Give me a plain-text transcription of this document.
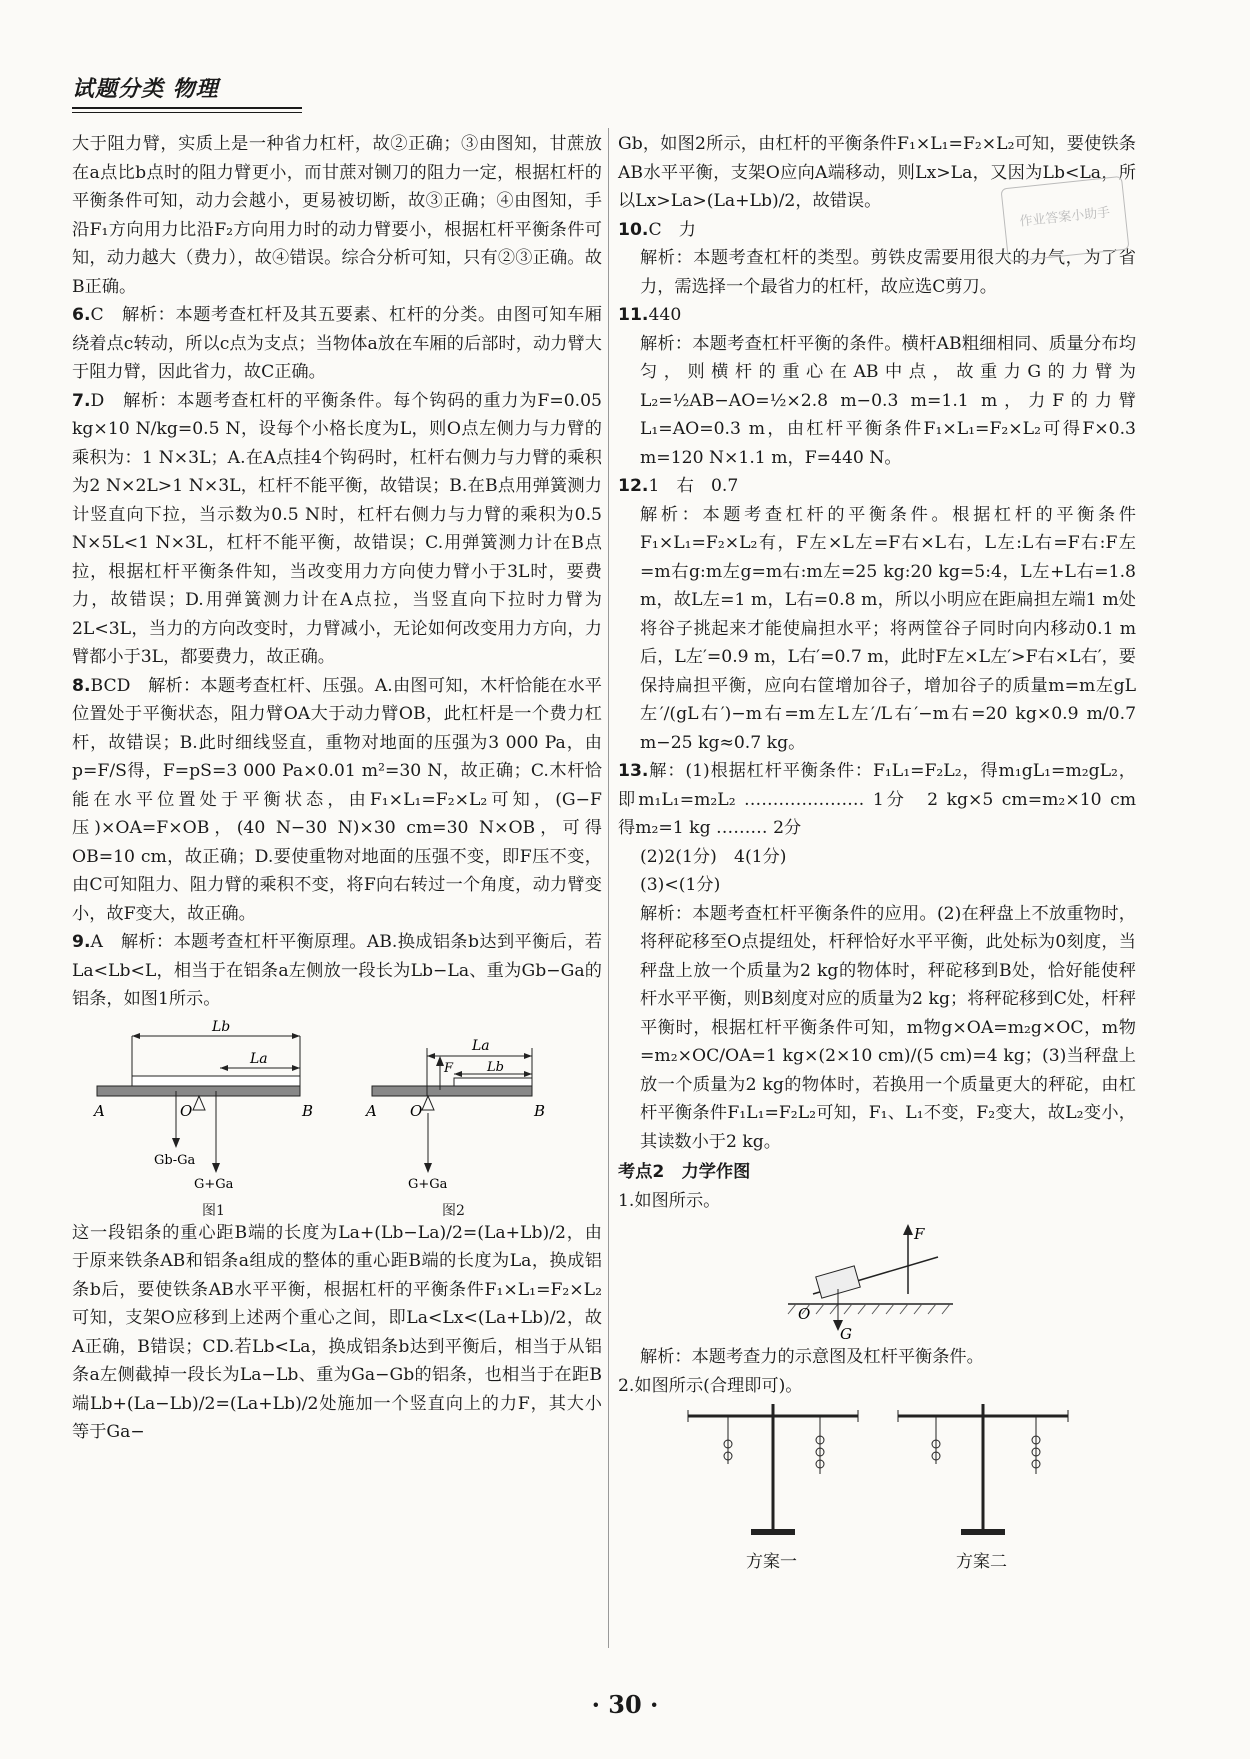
试题分类 物理

大于阻力臂，实质上是一种省力杠杆，故②正确；③由图知，甘蔗放在a点比b点时的阻力臂更小，而甘蔗对铡刀的阻力一定，根据杠杆的平衡条件可知，动力会越小，更易被切断，故③正确；④由图知，手沿F₁方向用力比沿F₂方向用力时的动力臂要小，根据杠杆平衡条件可知，动力越大（费力），故④错误。综合分析可知，只有②③正确。故B正确。

6.C　解析：本题考查杠杆及其五要素、杠杆的分类。由图可知车厢绕着点c转动，所以c点为支点；当物体a放在车厢的后部时，动力臂大于阻力臂，因此省力，故C正确。

7.D　解析：本题考查杠杆的平衡条件。每个钩码的重力为F=0.05 kg×10 N/kg=0.5 N，设每个小格长度为L，则O点左侧力与力臂的乘积为：1 N×3L；A.在A点挂4个钩码时，杠杆右侧力与力臂的乘积为2 N×2L>1 N×3L，杠杆不能平衡，故错误；B.在B点用弹簧测力计竖直向下拉，当示数为0.5 N时，杠杆右侧力与力臂的乘积为0.5 N×5L<1 N×3L，杠杆不能平衡，故错误；C.用弹簧测力计在B点拉，根据杠杆平衡条件知，当改变用力方向使力臂小于3L时，要费力，故错误；D.用弹簧测力计在A点拉，当竖直向下拉时力臂为2L<3L，当力的方向改变时，力臂减小，无论如何改变用力方向，力臂都小于3L，都要费力，故正确。

8.BCD　解析：本题考查杠杆、压强。A.由图可知，木杆恰能在水平位置处于平衡状态，阻力臂OA大于动力臂OB，此杠杆是一个费力杠杆，故错误；B.此时细线竖直，重物对地面的压强为3 000 Pa，由p=F/S得，F=pS=3 000 Pa×0.01 m²=30 N，故正确；C.木杆恰能在水平位置处于平衡状态，由F₁×L₁=F₂×L₂可知，(G−F压)×OA=F×OB，(40 N−30 N)×30 cm=30 N×OB，可得OB=10 cm，故正确；D.要使重物对地面的压强不变，即F压不变，由C可知阻力、阻力臂的乘积不变，将F向右转过一个角度，动力臂变小，故F变大，故正确。

9.A　解析：本题考查杠杆平衡原理。AB.换成铝条b达到平衡后，若La<Lb<L，相当于在铝条a左侧放一段长为Lb−La、重为Gb−Ga的铝条，如图1所示。

Lb
La
A	O	B
Gb-Ga
G+Ga
La
Lb
F
A O	B
G+Ga
图1	图2

这一段铝条的重心距B端的长度为La+(Lb−La)/2=(La+Lb)/2，由于原来铁条AB和铝条a组成的整体的重心距B端的长度为La，换成铝条b后，要使铁条AB水平平衡，根据杠杆的平衡条件F₁×L₁=F₂×L₂可知，支架O应移到上述两个重心之间，即La<Lx<(La+Lb)/2，故A正确，B错误；CD.若Lb<La，换成铝条b达到平衡后，相当于从铝条a左侧截掉一段长为La−Lb、重为Ga−Gb的铝条，也相当于在距B端Lb+(La−Lb)/2=(La+Lb)/2处施加一个竖直向上的力F，其大小等于Ga−

Gb，如图2所示，由杠杆的平衡条件F₁×L₁=F₂×L₂可知，要使铁条AB水平平衡，支架O应向A端移动，则Lx>La，又因为Lb<La，所以Lx>La>(La+Lb)/2，故错误。

10.C　力

解析：本题考查杠杆的类型。剪铁皮需要用很大的力气，为了省力，需选择一个最省力的杠杆，故应选C剪刀。

11.440

解析：本题考查杠杆平衡的条件。横杆AB粗细相同、质量分布均匀，则横杆的重心在AB中点，故重力G的力臂为L₂=½AB−AO=½×2.8 m−0.3 m=1.1 m，力F的力臂L₁=AO=0.3 m，由杠杆平衡条件F₁×L₁=F₂×L₂可得F×0.3 m=120 N×1.1 m，F=440 N。

12.1　右　0.7

解析：本题考查杠杆的平衡条件。根据杠杆的平衡条件F₁×L₁=F₂×L₂有，F左×L左=F右×L右，L左:L右=F右:F左=m右g:m左g=m右:m左=25 kg:20 kg=5:4，L左+L右=1.8 m，故L左=1 m，L右=0.8 m，所以小明应在距扁担左端1 m处将谷子挑起来才能使扁担水平；将两筐谷子同时向内移动0.1 m后，L左′=0.9 m，L右′=0.7 m，此时F左×L左′>F右×L右′，要保持扁担平衡，应向右筐增加谷子，增加谷子的质量m=m左gL左′/(gL右′)−m右=m左L左′/L右′−m右=20 kg×0.9 m/0.7 m−25 kg≈0.7 kg。

13.解：(1)根据杠杆平衡条件：F₁L₁=F₂L₂，得m₁gL₁=m₂gL₂，即m₁L₁=m₂L₂ ………………… 1分　2 kg×5 cm=m₂×10 cm　得m₂=1 kg ……… 2分

(2)2(1分)　4(1分)

(3)<(1分)

解析：本题考查杠杆平衡条件的应用。(2)在秤盘上不放重物时，将秤砣移至O点提纽处，杆秤恰好水平平衡，此处标为0刻度，当秤盘上放一个质量为2 kg的物体时，秤砣移到B处，恰好能使秤杆水平平衡，则B刻度对应的质量为2 kg；将秤砣移到C处，杆秤平衡时，根据杠杆平衡条件可知，m物g×OA=m₂g×OC，m物=m₂×OC/OA=1 kg×(2×10 cm)/(5 cm)=4 kg；(3)当秤盘上放一个质量为2 kg的物体时，若换用一个质量更大的秤砣，由杠杆平衡条件F₁L₁=F₂L₂可知，F₁、L₁不变，F₂变大，故L₂变小，其读数小于2 kg。

考点2　力学作图

1.如图所示。

F
G
O

解析：本题考查力的示意图及杠杆平衡条件。

2.如图所示(合理即可)。

方案一	方案二
作业答案小助手
· 30 ·
